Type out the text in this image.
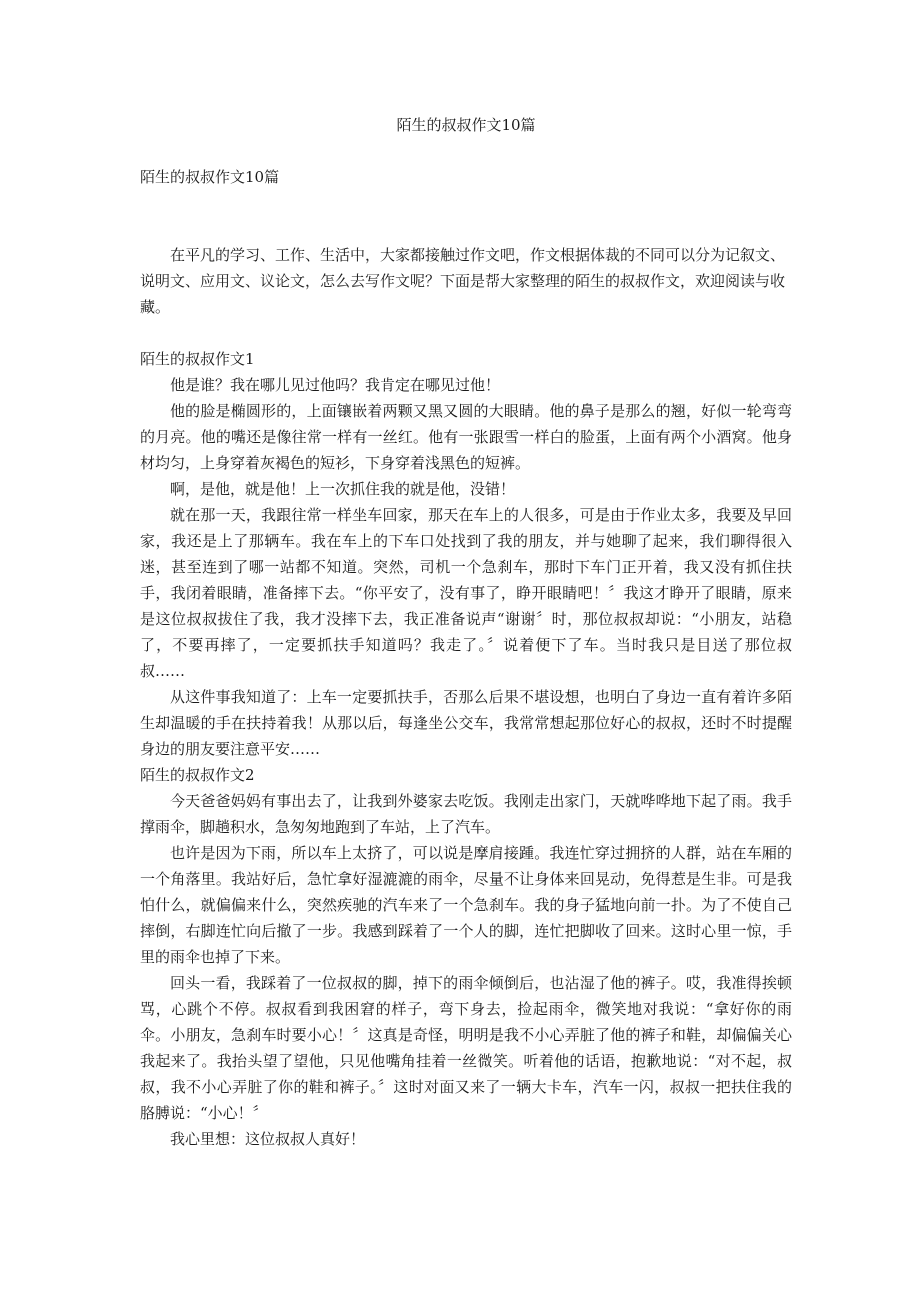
陌生的叔叔作文10篇
陌生的叔叔作文10篇

在平凡的学习、工作、生活中，大家都接触过作文吧，作文根据体裁的不同可以分为记叙文、说明文、应用文、议论文，怎么去写作文呢？下面是帮大家整理的陌生的叔叔作文，欢迎阅读与收藏。

陌生的叔叔作文1

他是谁？我在哪儿见过他吗？我肯定在哪见过他！

他的脸是椭圆形的，上面镶嵌着两颗又黑又圆的大眼睛。他的鼻子是那么的翘，好似一轮弯弯的月亮。他的嘴还是像往常一样有一丝红。他有一张跟雪一样白的脸蛋，上面有两个小酒窝。他身材均匀，上身穿着灰褐色的短衫，下身穿着浅黑色的短裤。

啊，是他，就是他！上一次抓住我的就是他，没错！

就在那一天，我跟往常一样坐车回家，那天在车上的人很多，可是由于作业太多，我要及早回家，我还是上了那辆车。我在车上的下车口处找到了我的朋友，并与她聊了起来，我们聊得很入迷，甚至连到了哪一站都不知道。突然，司机一个急刹车，那时下车门正开着，我又没有抓住扶手，我闭着眼睛，准备摔下去。“你平安了，没有事了，睁开眼睛吧！〞我这才睁开了眼睛，原来是这位叔叔拔住了我，我才没摔下去，我正准备说声“谢谢〞时，那位叔叔却说：“小朋友，站稳了，不要再摔了，一定要抓扶手知道吗？我走了。〞说着便下了车。当时我只是目送了那位叔叔……

从这件事我知道了：上车一定要抓扶手，否那么后果不堪设想，也明白了身边一直有着许多陌生却温暖的手在扶持着我！从那以后，每逢坐公交车，我常常想起那位好心的叔叔，还时不时提醒身边的朋友要注意平安……

陌生的叔叔作文2

今天爸爸妈妈有事出去了，让我到外婆家去吃饭。我刚走出家门，天就哗哗地下起了雨。我手撑雨伞，脚趟积水，急匆匆地跑到了车站，上了汽车。

也许是因为下雨，所以车上太挤了，可以说是摩肩接踵。我连忙穿过拥挤的人群，站在车厢的一个角落里。我站好后，急忙拿好湿漉漉的雨伞，尽量不让身体来回晃动，免得惹是生非。可是我怕什么，就偏偏来什么，突然疾驰的汽车来了一个急刹车。我的身子猛地向前一扑。为了不使自己摔倒，右脚连忙向后撤了一步。我感到踩着了一个人的脚，连忙把脚收了回来。这时心里一惊，手里的雨伞也掉了下来。

回头一看，我踩着了一位叔叔的脚，掉下的雨伞倾倒后，也沾湿了他的裤子。哎，我准得挨顿骂，心跳个不停。叔叔看到我困窘的样子，弯下身去，捡起雨伞，微笑地对我说：“拿好你的雨伞。小朋友，急刹车时要小心！〞这真是奇怪，明明是我不小心弄脏了他的裤子和鞋，却偏偏关心我起来了。我抬头望了望他，只见他嘴角挂着一丝微笑。听着他的话语，抱歉地说：“对不起，叔叔，我不小心弄脏了你的鞋和裤子。〞这时对面又来了一辆大卡车，汽车一闪，叔叔一把扶住我的胳膊说：“小心！〞

我心里想：这位叔叔人真好！
